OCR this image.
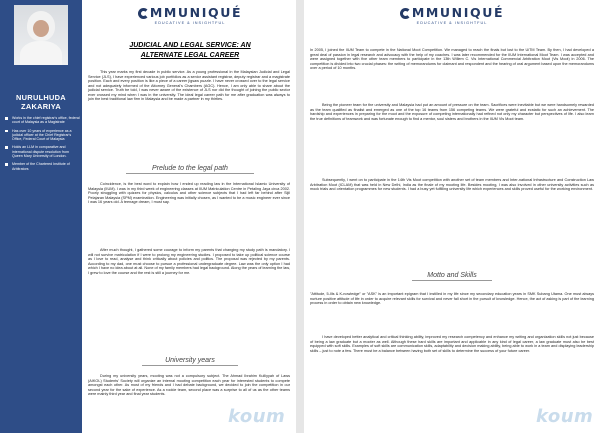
NURULHUDA
ZAKARIYA
Works in the chief registrar's office, federal court of Malaysia as a Magistrate
Has over 10 years of experience as a judicial officer at the Chief Registrar's Office, Federal Court of Malaysia
Holds an LLM in comparative and international dispute resolution from Queen Mary University of London.
Member of the Chartered Institute of Arbitrators
MMUNIQUÉ
EDUCATIVE & INSIGHTFUL
JUDICIAL AND LEGAL SERVICE: AN
ALTERNATE LEGAL CAREER

This year marks my first decade in public service. As a young professional in the Malaysian Judicial and Legal Service (JLS), I have experienced various job portfolios as a senior assistant registrar, deputy registrar and a magistrate position. Each and every position is like a piece of a career jigsaw puzzle. I have never crossed over to the legal service and not adequately informed of the Attorney General's Chambers (AGC). Hence, I am only able to share about the judicial service. Truth be told, I was never aware of the existence of JLS nor did the thought of joining the public sector ever crossed my mind when I was in the university. The ideal legal career path for me after graduation was always to join the best traditional law firm in Malaysia and be made a partner in my thirties.

Prelude to the legal path

Coincidence, is the best word to explain how I ended up reading law in the International Islamic University of Malaysia (IIUM). I was in my third week of engineering classes at IIUM Matriculation Centre in Petaling Jaya circa 2002. Poorly struggling with quizzes for physics, calculus and other science subjects that I had left far behind after Sijil Pelajaran Malaysia (SPM) examination. Engineering was initially chosen, as I wanted to be a music engineer ever since I was 16 years old. A teenage dream, I must say.

After much thought, I gathered some courage to inform my parents that changing my study path is mandatory. I will not survive matriculation if I were to prolong my engineering studies. I proposed to take up political science course as I love to read, analyse and think critically about policies and politics. The proposal was rejected by my parents. According to my dad, one must choose to pursue a professional undergraduate degree. Law was the only option I had which I have no idea about at all. None of my family members had legal background. Along the years of learning the law, I grew to love the course and the rest is still a journey for me.

University years

During my university years, mooting was not a compulsory subject. The Ahmad Ibrahim Kulliyyah of Laws (AIKOL) Students' Society will organize an internal mooting competition each year for interested students to compete amongst each other. As most of my friends and I had debate background, we decided to join the competition in our second year for the sake of experience. As a rookie team, second place was a surprise to all of us as the other teams were mainly third year and final year students.

koum
MMUNIQUÉ
EDUCATIVE & INSIGHTFUL

In 2005, I joined the IIUM Team to compete in the National Moot Competition. We managed to reach the finals but lost to the UiTM Team. By then, I had developed a great deal of passion in legal research and advocacy with the help of my coaches. I was later recommended for the IIUM International Moot Team. I was accepted and were assigned together with five other team members to participate in the 13th Willem C. Vis International Commercial Arbitration Moot (Vis Moot) in 2006. The competition is divided into two crucial phases: the writing of memorandums for claimant and respondent and the hearing of oral argument based upon the memorandums over a period of 10 months.

Being the pioneer team for the university and Malaysia had put an amount of pressure on the team. Sacrifices were inevitable but we were handsomely rewarded as the team qualified as finalist and emerged as one of the top 16 teams from 156 competing teams. We were grateful and ecstatic for such an achievement. The hardship and experiences in preparing for the moot and the exposure of competing internationally had refined not only my character but perspectives of life. I also learn the true definitions of teamwork and was fortunate enough to find a mentor, soul sisters and brothers in the IIUM Vis Moot team.

Subsequently, I went on to participate in the 14th Vis Moot competition with another set of team members and Inter-national Infrastructure and Construction Law Arbitration Moot (ICLAM) that was held in New Delhi, India as the finale of my mooting life. Besides mooting, I was also involved in other university activities such as mock trials and orientation programmes for new students. I had a busy yet fulfilling university life which experiences and skills proved useful for the working environment.

Motto and Skills

"Attitude, 5-Ills & K-nowledge" or "ASK" is an important epigram that I instilled in my life since my secondary education years in SMK Subang Utama. One must always nurture positive attitude of life in order to acquire relevant skills for survival and never fall short in the pursuit of knowledge. Hence, the act of asking is part of the learning process in order to obtain new knowledge.

I have developed better analytical and critical thinking ability, improved my research competency and enhance my writing and organization skills not just because of being a law graduate but a mooter as well. Although these hard skills are important and applicable in any kind of legal career, a law graduate must also be best equipped with soft skills. Examples of soft skills are communication skills, adaptability and decision making ability, being able to work in a team and displaying leadership skills – just to note a few. There must be a balance between having both set of skills to determine the success of your future career.

koum
